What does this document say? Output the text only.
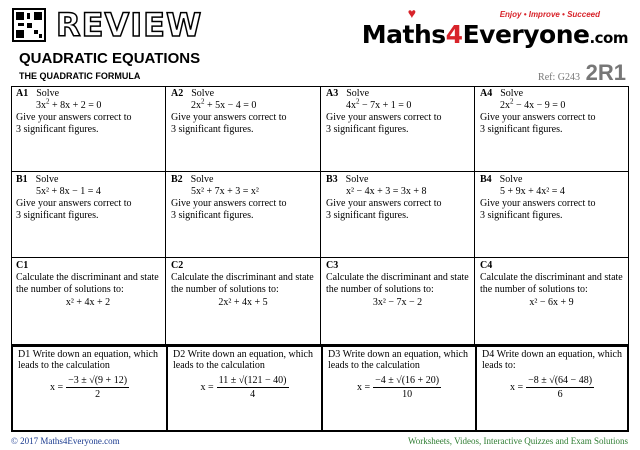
REVIEW	♥	Enjoy • Improve • Succeed
Maths4Everyone.com
QUADRATIC EQUATIONS
THE QUADRATIC FORMULA	Ref: G243 2R1
A1 Solve
$3x^2 + 8x + 2 = 0$
Give your answers correct to
3 significant figures.
A2 Solve
$2x^2 + 5x - 4 = 0$
Give your answers correct to
3 significant figures.
A3 Solve
$4x^2 - 7x + 1 = 0$
Give your answers correct to
3 significant figures.
A4 Solve
$2x^2 - 4x - 9 = 0$
Give your answers correct to
3 significant figures.
B1 Solve
5x² + 8x − 1 = 4
Give your answers correct to
3 significant figures.
B2 Solve
5x² + 7x + 3 = x²
Give your answers correct to
3 significant figures.
B3 Solve
x² − 4x + 3 = 3x + 8
Give your answers correct to
3 significant figures.
B4 Solve
5 + 9x + 4x² = 4
Give your answers correct to
3 significant figures.
C1
Calculate the discriminant and state
the number of solutions to:
x² + 4x + 2
C2
Calculate the discriminant and state
the number of solutions to:
2x² + 4x + 5
C3
Calculate the discriminant and state
the number of solutions to:
3x² − 7x − 2
C4
Calculate the discriminant and state
the number of solutions to:
x² − 6x + 9
D1 Write down an equation, which leads to the calculation
$x = \frac{-3 \pm √(9 + 12)}{2}$
D2 Write down an equation, which leads to the calculation
$x = \frac{11 \pm √(121 - 40)}{4}$
D3 Write down an equation, which leads to the calculation
$x = \frac{-4 \pm √(16 + 20)}{10}$
D4 Write down an equation, which leads to:
$x = \frac{-8 \pm √(64 - 48)}{6}$
© 2017 Maths4Everyone.com	Worksheets, Videos, Interactive Quizzes and Exam Solutions
